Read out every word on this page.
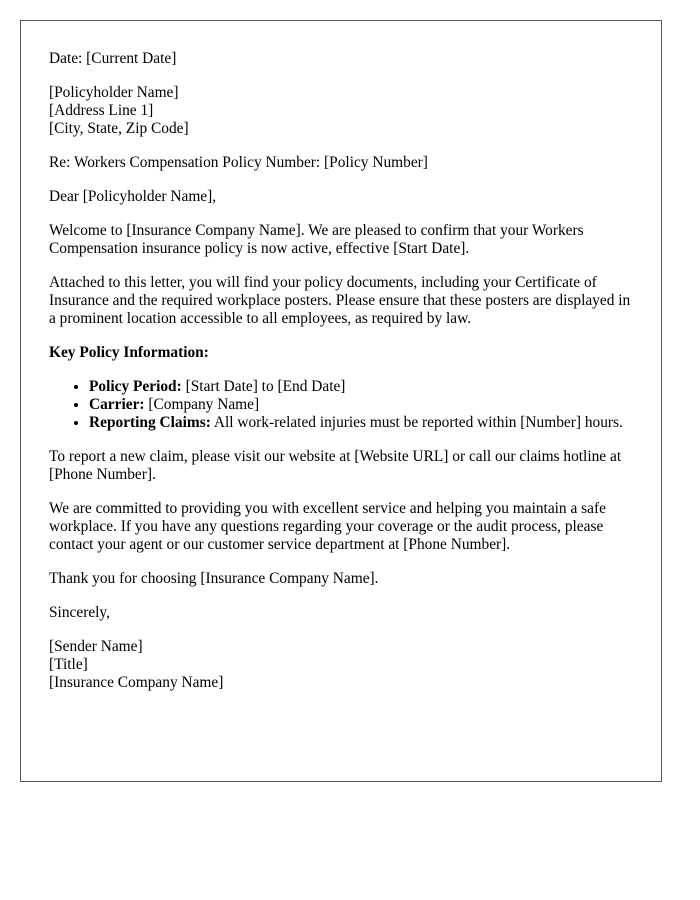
Date: [Current Date]

[Policyholder Name]
[Address Line 1]
[City, State, Zip Code]

Re: Workers Compensation Policy Number: [Policy Number]

Dear [Policyholder Name],

Welcome to [Insurance Company Name]. We are pleased to confirm that your Workers Compensation insurance policy is now active, effective [Start Date].

Attached to this letter, you will find your policy documents, including your Certificate of Insurance and the required workplace posters. Please ensure that these posters are displayed in a prominent location accessible to all employees, as required by law.

Key Policy Information:

• Policy Period: [Start Date] to [End Date]
• Carrier: [Company Name]
• Reporting Claims: All work-related injuries must be reported within [Number] hours.

To report a new claim, please visit our website at [Website URL] or call our claims hotline at [Phone Number].

We are committed to providing you with excellent service and helping you maintain a safe workplace. If you have any questions regarding your coverage or the audit process, please contact your agent or our customer service department at [Phone Number].

Thank you for choosing [Insurance Company Name].

Sincerely,

[Sender Name]
[Title]
[Insurance Company Name]
